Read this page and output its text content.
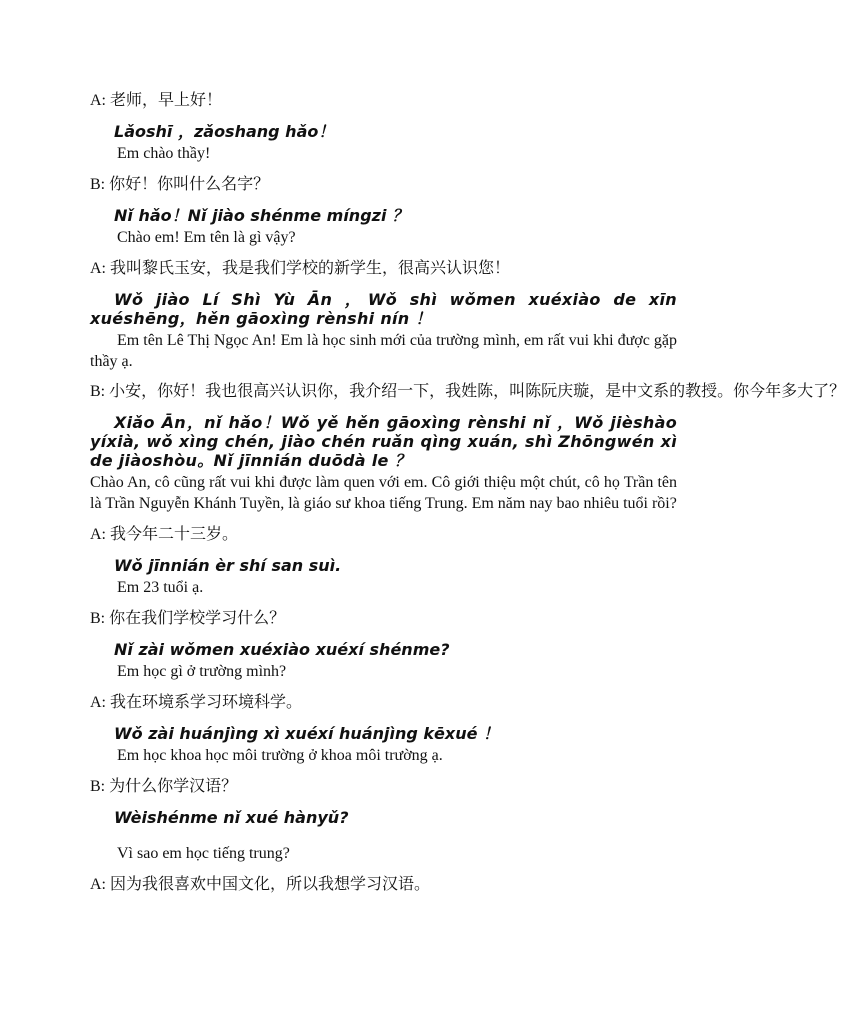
A: 老师，早上好！
Lǎoshī ，zǎoshang hǎo！
Em chào thầy!
B: 你好！你叫什么名字？
Nǐ hǎo！Nǐ jiào shénme míngzi ？
Chào em! Em tên là gì vậy?
A: 我叫黎氏玉安，我是我们学校的新学生，很高兴认识您！
Wǒ jiào Lí Shì Yù Ān ，Wǒ shì wǒmen xuéxiào de xīn xuéshēng，hěn gāoxìng rènshi nín ！
Em tên Lê Thị Ngọc An! Em là học sinh mới của trường mình, em rất vui khi được gặp thầy ạ.
B: 小安，你好！我也很高兴认识你，我介绍一下，我姓陈，叫陈阮庆璇，是中文系的教授。你今年多大了？
Xiǎo Ān，nǐ hǎo！Wǒ yě hěn gāoxìng rènshi nǐ ，Wǒ jièshào yíxià, wǒ xìng chén, jiào chén ruǎn qìng xuán, shì Zhōngwén xì de jiàoshòu。Nǐ jīnnián duōdà le ？
Chào An, cô cũng rất vui khi được làm quen với em. Cô giới thiệu một chút, cô họ Trần tên là Trần Nguyễn Khánh Tuyền, là giáo sư khoa tiếng Trung. Em năm nay bao nhiêu tuổi rồi?
A: 我今年二十三岁。
Wǒ jīnnián èr shí san suì.
Em 23 tuổi ạ.
B: 你在我们学校学习什么？
Nǐ zài wǒmen xuéxiào xuéxí shénme?
Em học gì ở trường mình?
A: 我在环境系学习环境科学。
Wǒ zài huánjìng xì xuéxí huánjìng kēxué ！
Em học khoa học môi trường ở khoa môi trường ạ.
B: 为什么你学汉语？
Wèishénme nǐ xué hànyǔ?
Vì sao em học tiếng trung?
A: 因为我很喜欢中国文化，所以我想学习汉语。
